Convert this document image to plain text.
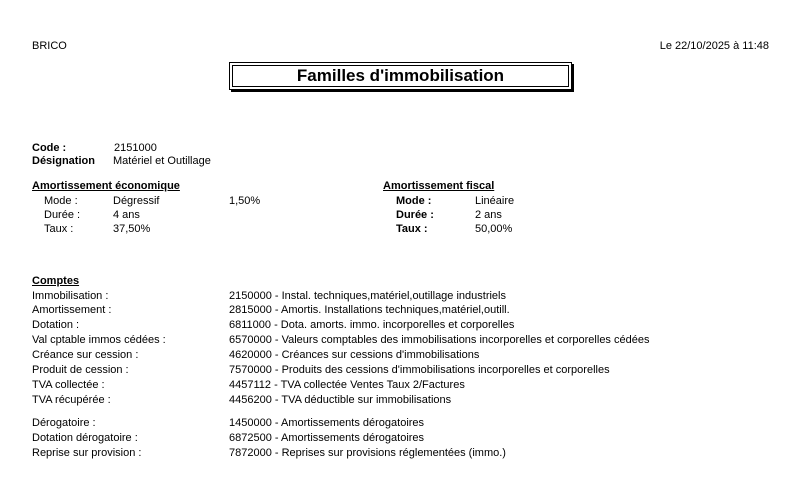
BRICO	Le 22/10/2025 à 11:48
Familles d'immobilisation
Code :	2151000
Désignation Matériel et Outillage
Amortissement économique
Mode :	Dégressif	1,50%
Durée :	4 ans
Taux :	37,50%
Amortissement fiscal
Mode :	Linéaire
Durée :	2 ans
Taux :	50,00%
Comptes
Immobilisation :	2150000 - Instal. techniques,matériel,outillage industriels
Amortissement :	2815000 - Amortis. Installations techniques,matériel,outill.
Dotation :	6811000 - Dota. amorts. immo. incorporelles et corporelles
Val cptable immos cédées :	6570000 - Valeurs comptables des immobilisations incorporelles et corporelles cédées
Créance sur cession :	4620000 - Créances sur cessions d'immobilisations
Produit de cession :	7570000 - Produits des cessions d'immobilisations incorporelles et corporelles
TVA collectée :	4457112 - TVA collectée Ventes Taux 2/Factures
TVA récupérée :	4456200 - TVA déductible sur immobilisations
Dérogatoire :	1450000 - Amortissements dérogatoires
Dotation dérogatoire :	6872500 - Amortissements dérogatoires
Reprise sur provision :	7872000 - Reprises sur provisions réglementées (immo.)
